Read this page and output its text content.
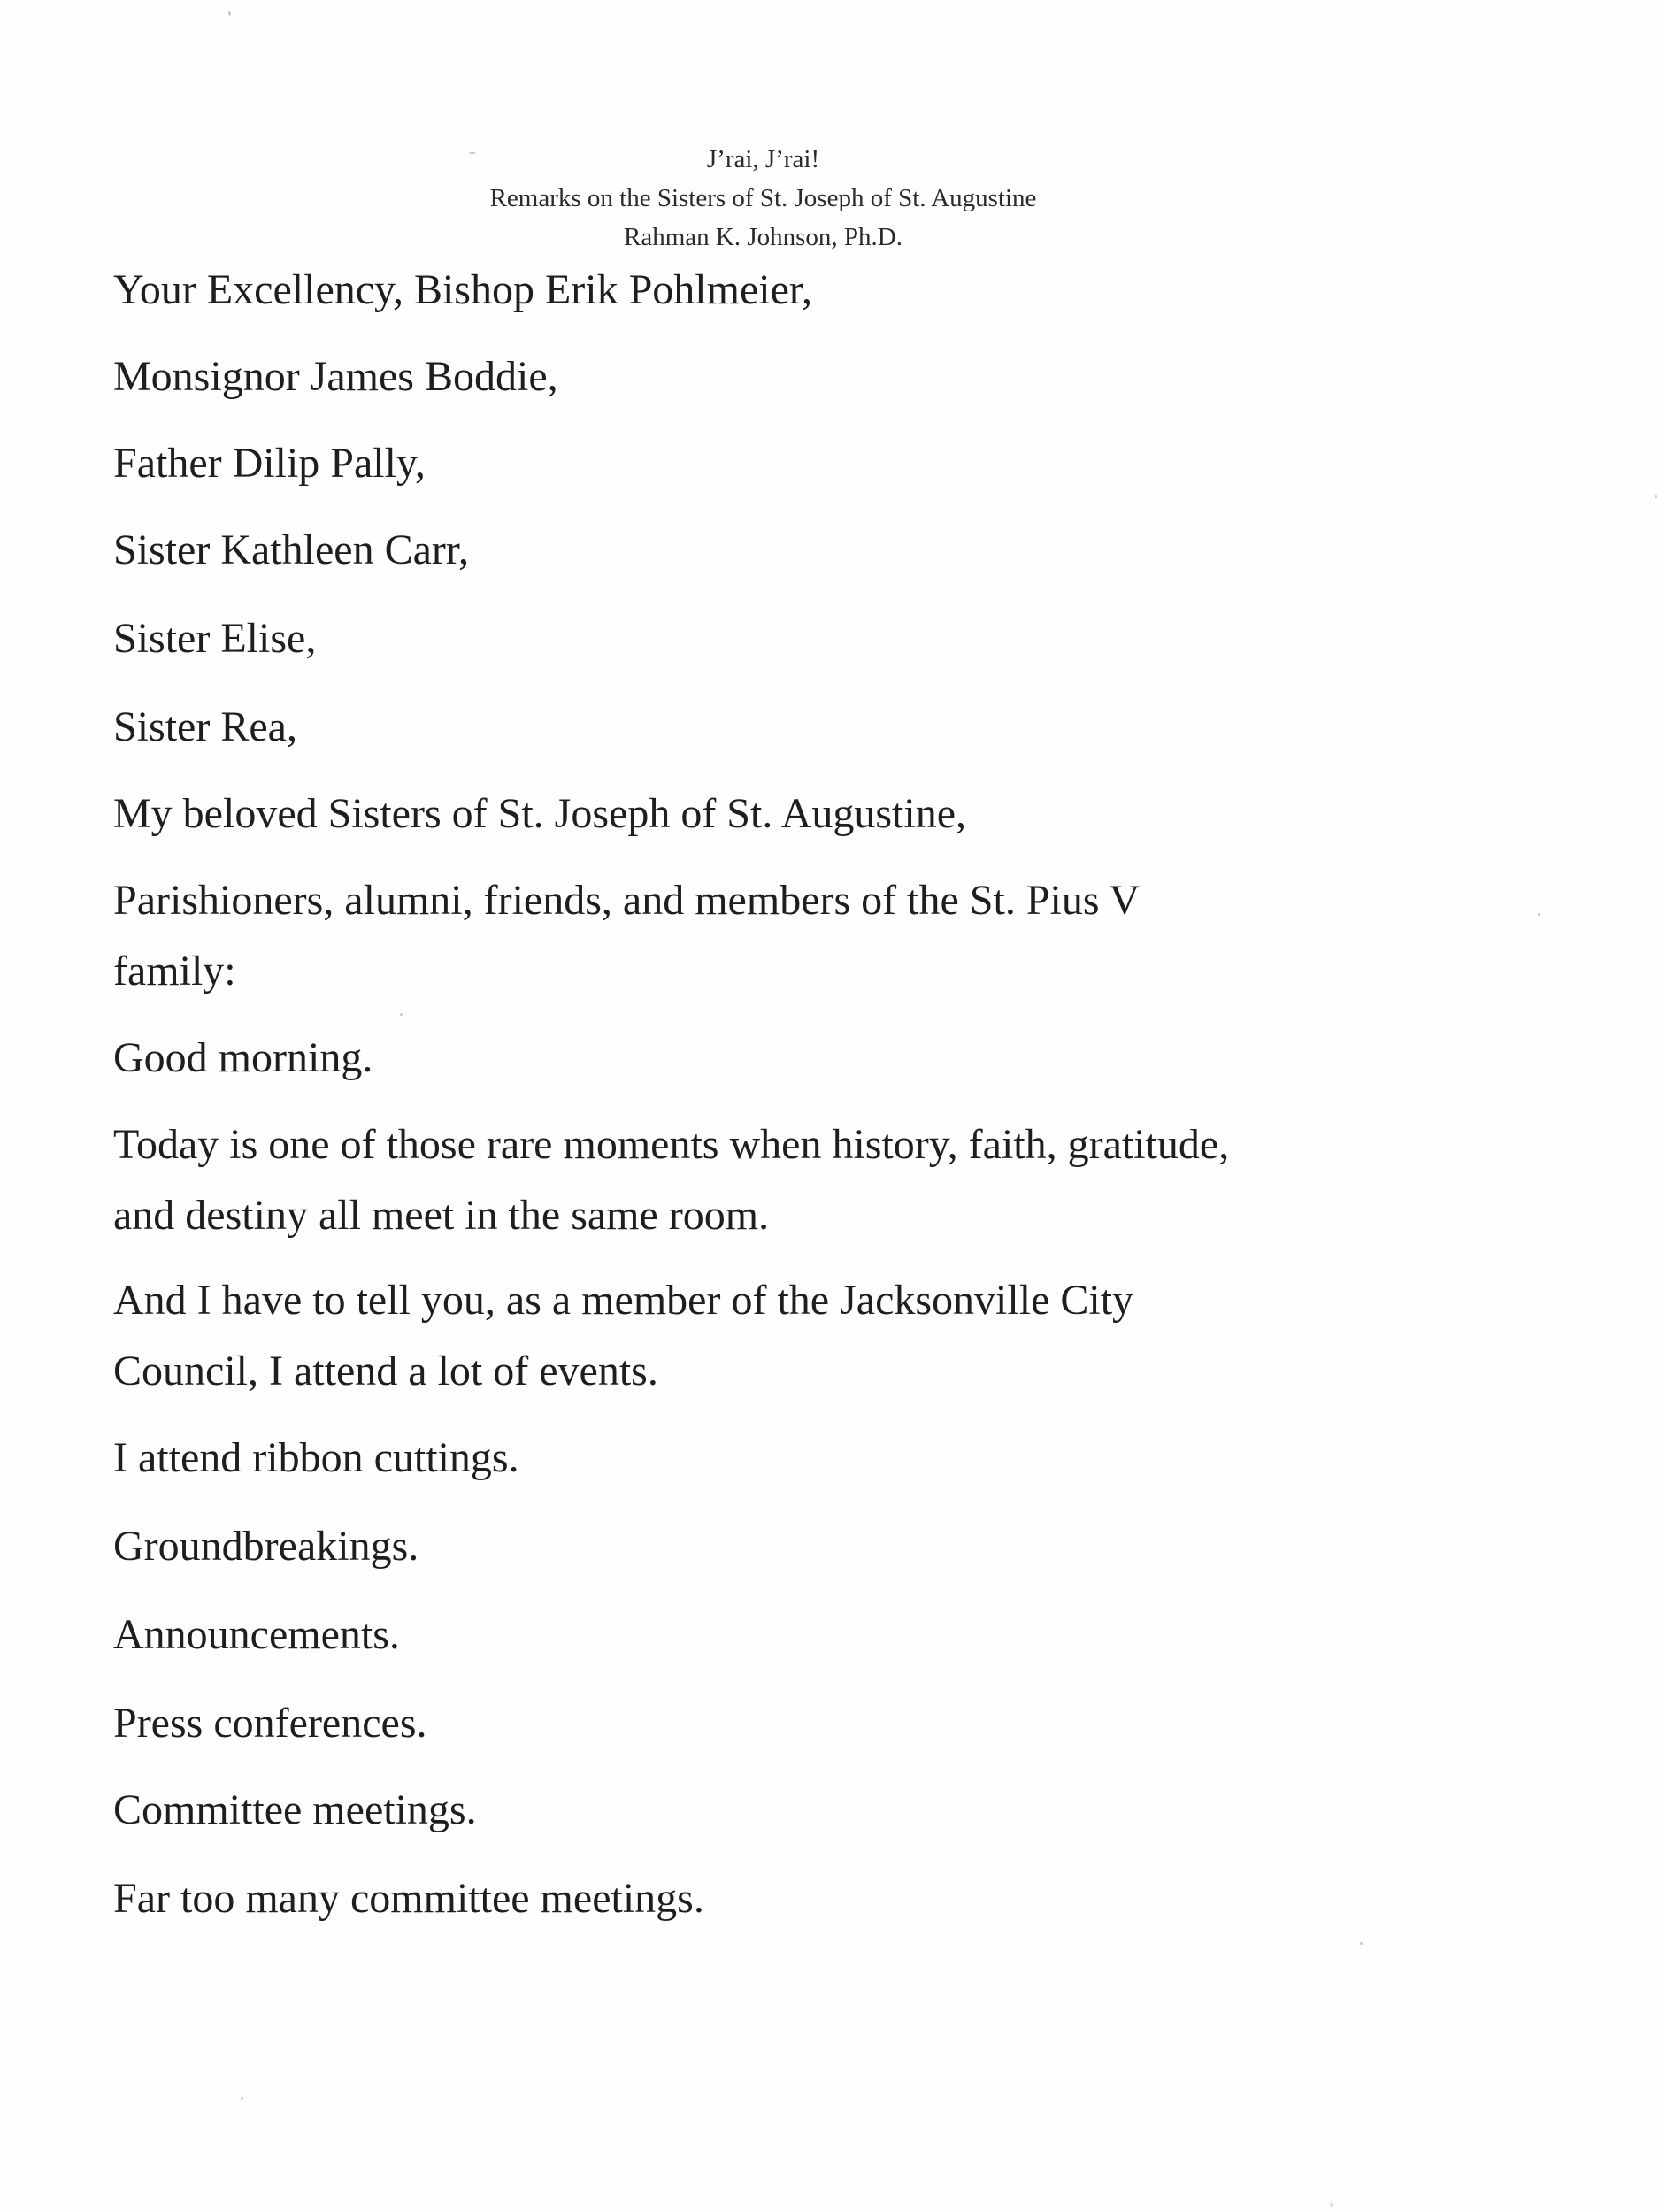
J’rai, J’rai!
Remarks on the Sisters of St. Joseph of St. Augustine
Rahman K. Johnson, Ph.D.

Your Excellency, Bishop Erik Pohlmeier,

Monsignor James Boddie,

Father Dilip Pally,

Sister Kathleen Carr,

Sister Elise,

Sister Rea,

My beloved Sisters of St. Joseph of St. Augustine,

Parishioners, alumni, friends, and members of the St. Pius V
family:

Good morning.

Today is one of those rare moments when history, faith, gratitude,
and destiny all meet in the same room.

And I have to tell you, as a member of the Jacksonville City
Council, I attend a lot of events.

I attend ribbon cuttings.

Groundbreakings.

Announcements.

Press conferences.

Committee meetings.

Far too many committee meetings.
